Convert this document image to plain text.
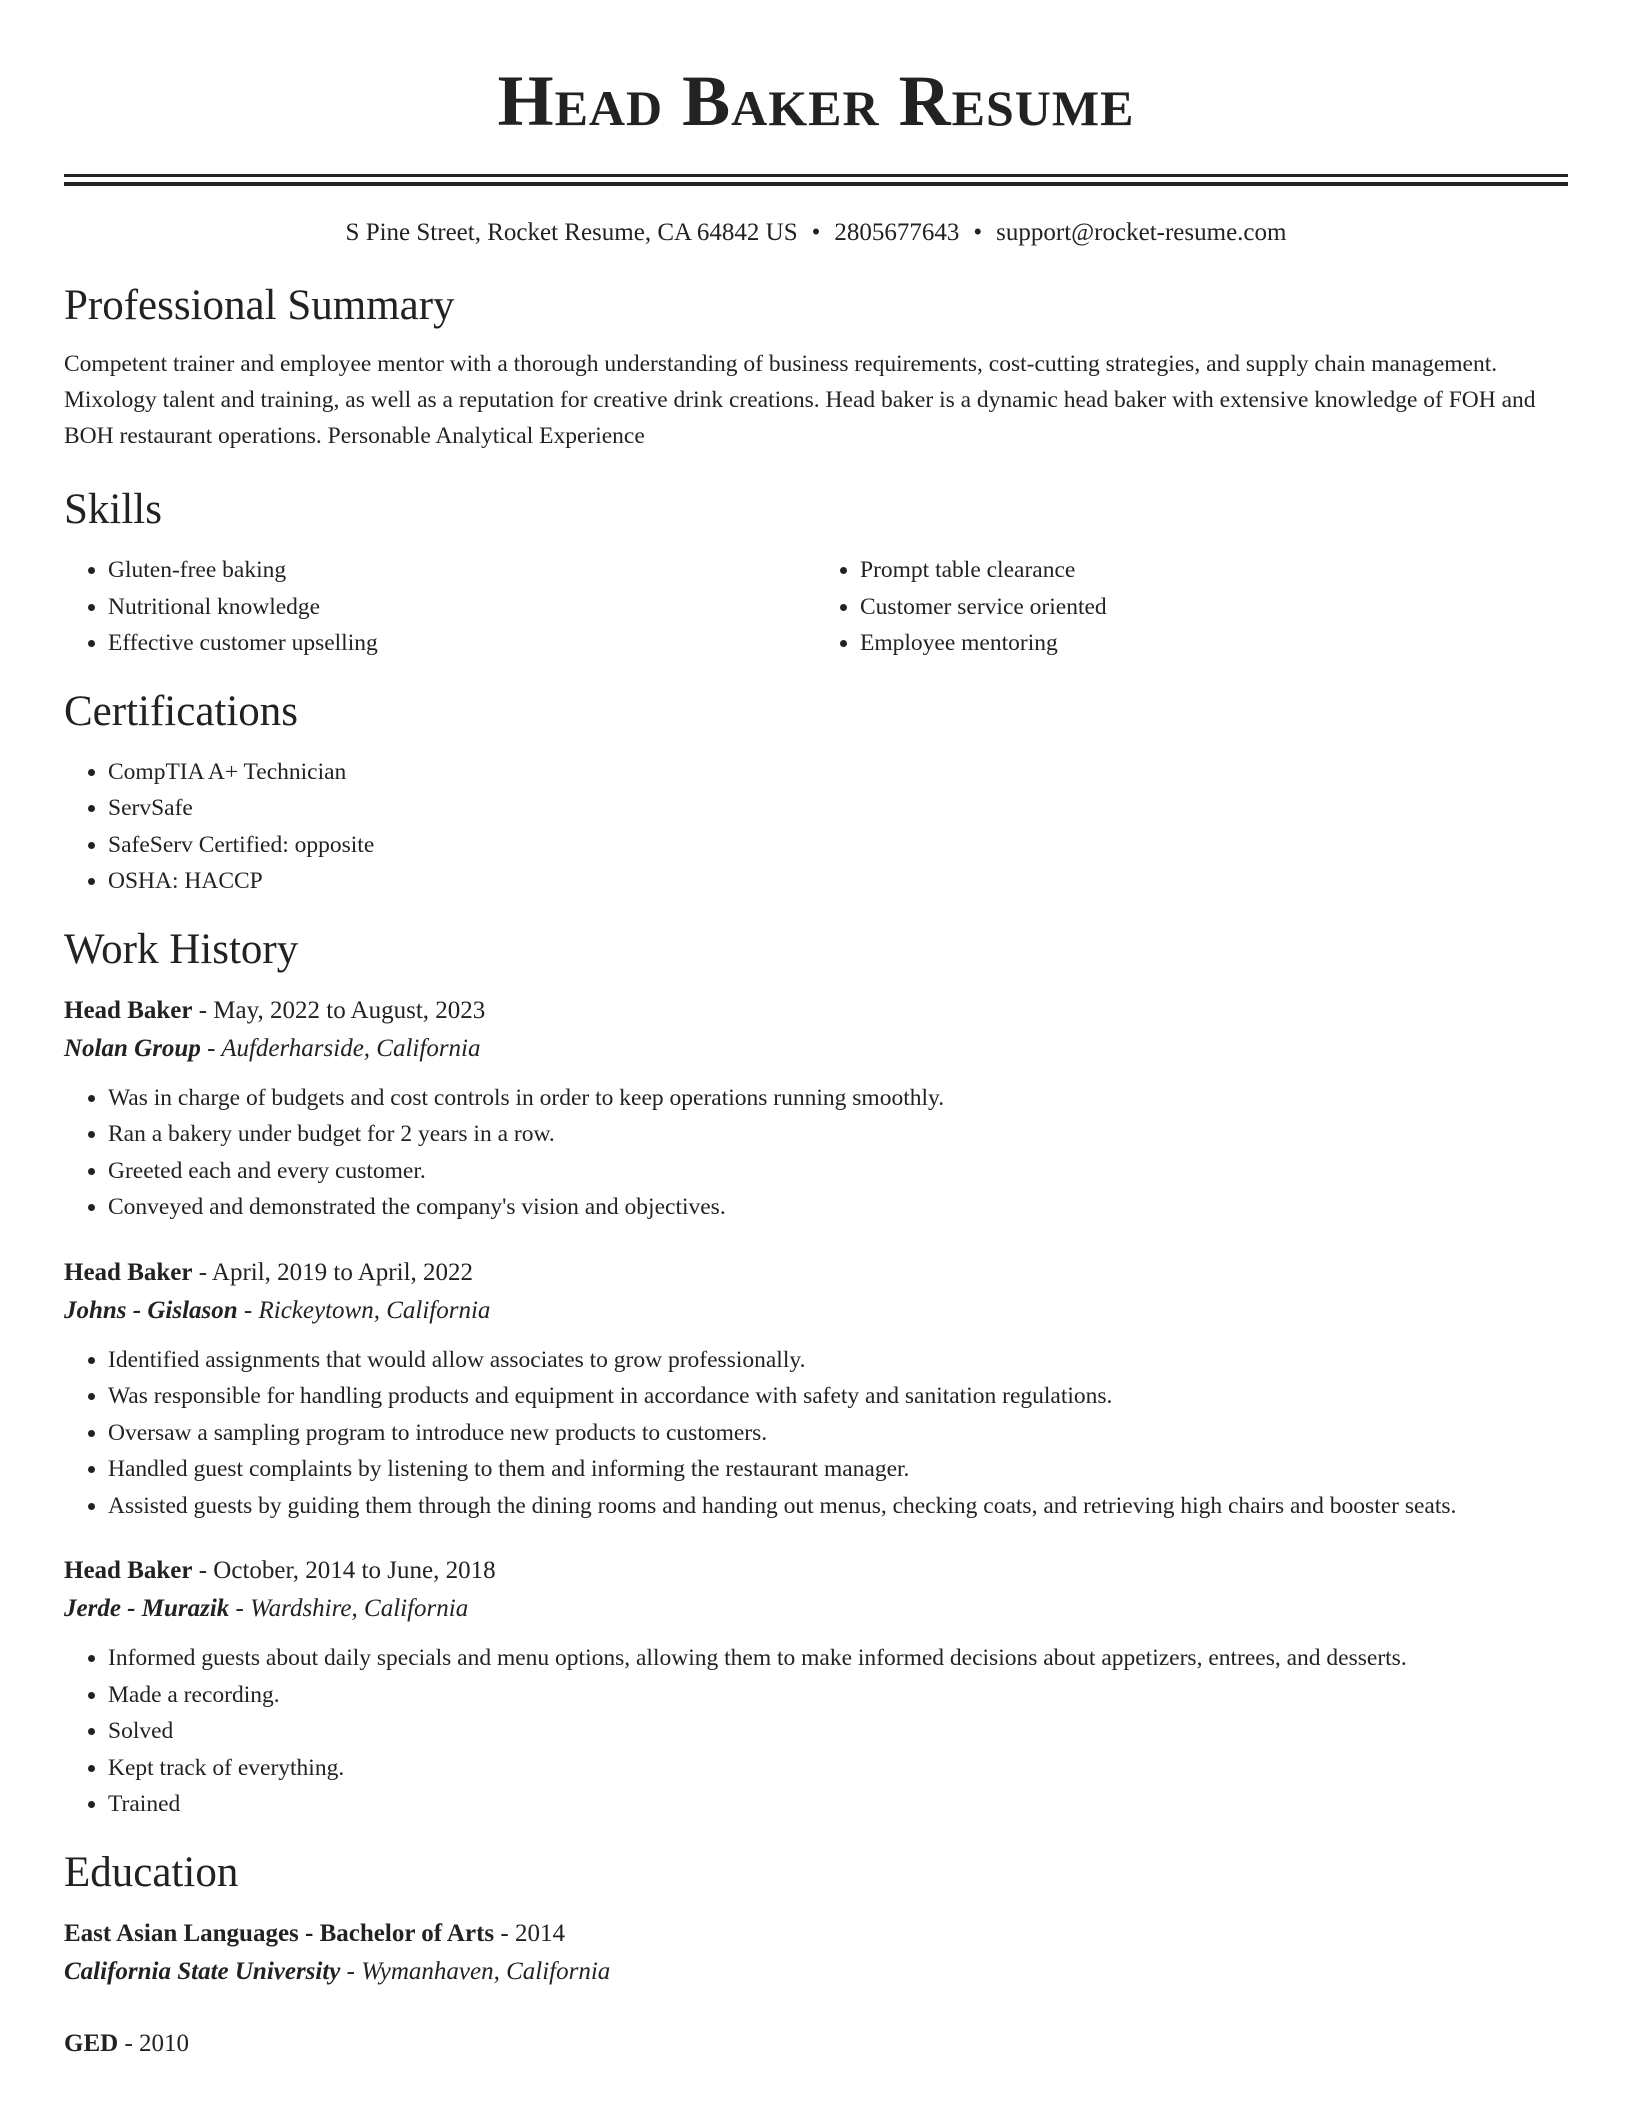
Head Baker Resume
S Pine Street, Rocket Resume, CA 64842 US • 2805677643 • support@rocket-resume.com
Professional Summary

Competent trainer and employee mentor with a thorough understanding of business requirements, cost-cutting strategies, and supply chain management. Mixology talent and training, as well as a reputation for creative drink creations. Head baker is a dynamic head baker with extensive knowledge of FOH and BOH restaurant operations. Personable Analytical Experience

Skills
• Gluten-free baking
• Nutritional knowledge
• Effective customer upselling
• Prompt table clearance
• Customer service oriented
• Employee mentoring
Certifications
• CompTIA A+ Technician
• ServSafe
• SafeServ Certified: opposite
• OSHA: HACCP
Work History
Head Baker - May, 2022 to August, 2023
Nolan Group - Aufderharside, California
• Was in charge of budgets and cost controls in order to keep operations running smoothly.
• Ran a bakery under budget for 2 years in a row.
• Greeted each and every customer.
• Conveyed and demonstrated the company's vision and objectives.
Head Baker - April, 2019 to April, 2022
Johns - Gislason - Rickeytown, California
• Identified assignments that would allow associates to grow professionally.
• Was responsible for handling products and equipment in accordance with safety and sanitation regulations.
• Oversaw a sampling program to introduce new products to customers.
• Handled guest complaints by listening to them and informing the restaurant manager.
• Assisted guests by guiding them through the dining rooms and handing out menus, checking coats, and retrieving high chairs and booster seats.
Head Baker - October, 2014 to June, 2018
Jerde - Murazik - Wardshire, California
• Informed guests about daily specials and menu options, allowing them to make informed decisions about appetizers, entrees, and desserts.
• Made a recording.
• Solved
• Kept track of everything.
• Trained
Education
East Asian Languages - Bachelor of Arts - 2014
California State University - Wymanhaven, California
GED - 2010
